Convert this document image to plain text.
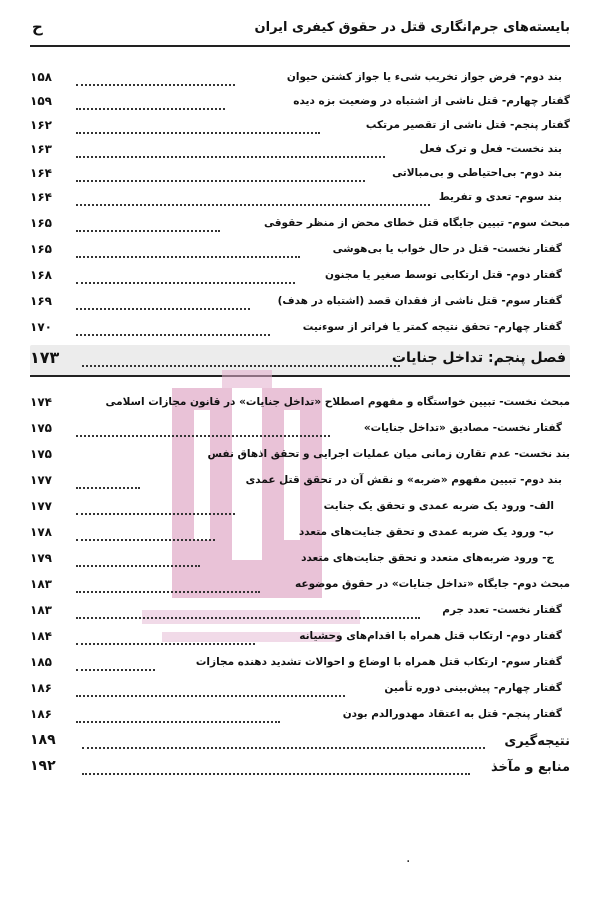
بایسته‌های جرم‌انگاری قتل در حقوق کیفری ایران
ح
بند دوم- فرض جواز تخریب شیء یا جواز کشتن حیوان
۱۵۸
گفتار چهارم- قتل ناشی از اشتباه در وضعیت بزه دیده
۱۵۹
گفتار پنجم- قتل ناشی از تقصیر مرتکب
۱۶۲
بند نخست- فعل و ترک فعل
۱۶۳
بند دوم- بی‌احتیاطی و بی‌مبالاتی
۱۶۴
بند سوم- تعدی و تفریط
۱۶۴
مبحث سوم- تبیین جایگاه قتل خطای محض از منظر حقوقی
۱۶۵
گفتار نخست- قتل در حال خواب یا بی‌هوشی
۱۶۵
گفتار دوم- قتل ارتکابی توسط صغیر یا مجنون
۱۶۸
گفتار سوم- قتل ناشی از فقدان قصد (اشتباه در هدف)
۱۶۹
گفتار چهارم- تحقق نتیجه کمتر یا فراتر از سوءنیت
۱۷۰
فصل پنجم: تداخل جنایات
۱۷۳
مبحث نخست- تبیین خواستگاه و مفهوم اصطلاح «تداخل جنایات» در قانون مجازات اسلامی
۱۷۴
گفتار نخست- مصادیق «تداخل جنایات»
۱۷۵
بند نخست- عدم تقارن زمانی میان عملیات اجرایی و تحقق اذهاق نفس
۱۷۵
بند دوم- تبیین مفهوم «ضربه» و نقش آن در تحقق قتل عمدی
۱۷۷
الف- ورود یک ضربه عمدی و تحقق یک جنایت
۱۷۷
ب- ورود یک ضربه عمدی و تحقق جنایت‌های متعدد
۱۷۸
ج- ورود ضربه‌های متعدد و تحقق جنایت‌های متعدد
۱۷۹
مبحث دوم- جایگاه «تداخل جنایات» در حقوق موضوعه
۱۸۳
گفتار نخست- تعدد جرم
۱۸۳
گفتار دوم- ارتکاب قتل همراه با اقدام‌های وحشیانه
۱۸۴
گفتار سوم- ارتکاب قتل همراه با اوضاع و احوالات تشدید دهنده مجازات
۱۸۵
گفتار چهارم- پیش‌بینی دوره تأمین
۱۸۶
گفتار پنجم- قتل به اعتقاد مهدورالدم بودن
۱۸۶
نتیجه‌گیری
۱۸۹
منابع و مآخذ
۱۹۲
.
